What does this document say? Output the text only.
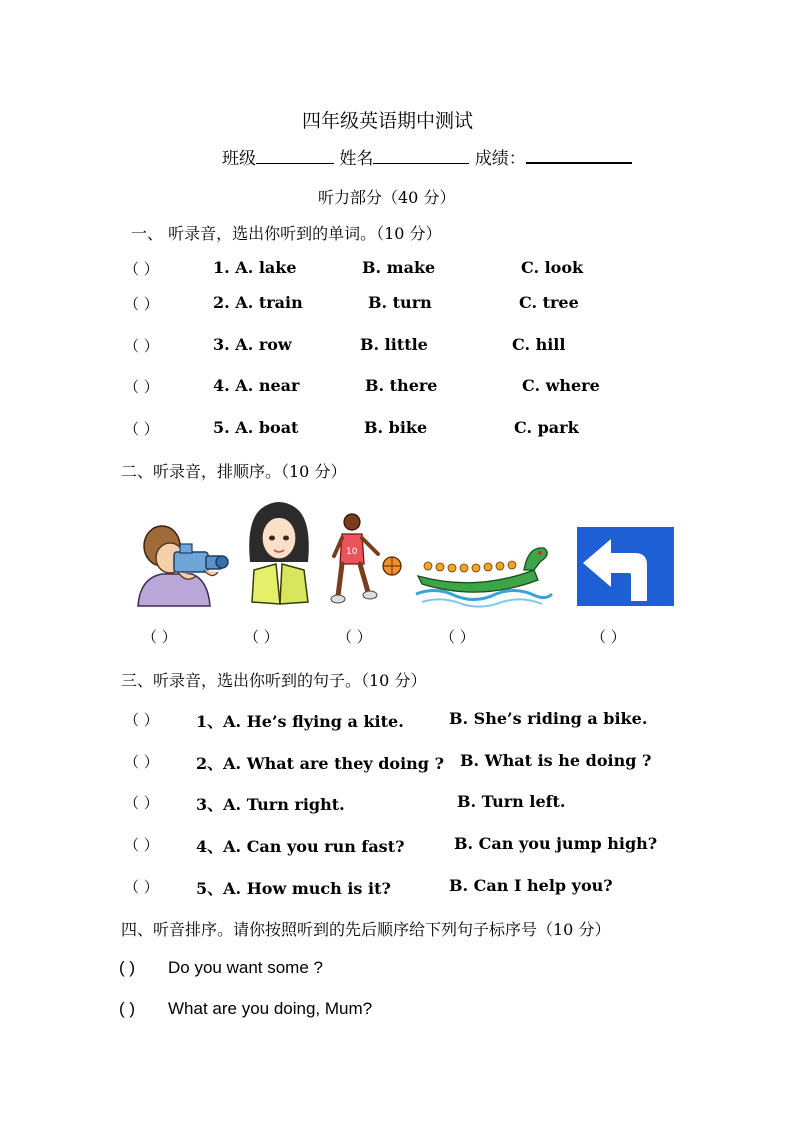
四年级英语期中测试
班级	姓名	成绩：
听力部分（40 分）
一、 听录音，选出你听到的单词。（10 分）
（ ）	1. A. lake	B. make	C. look
（ ）	2. A. train	B. turn	C. tree
（ ）	3. A. row	B. little	C. hill
（ ）	4. A. near	B. there	C. where
（ ）	5. A. boat	B. bike	C. park
二、听录音，排顺序。（10 分）
10
（ ）	（ ）	（ ）	（ ）	（ ）
三、听录音，选出你听到的句子。（10 分）
（ ） 1、A. He’s flying a kite.	B. She’s riding a bike.
（ ） 2、A. What are they doing ? B. What is he doing ?
（ ） 3、A. Turn right.	B. Turn left.
（ ） 4、A. Can you run fast?	B. Can you jump high?
（ ） 5、A. How much is it?	B. Can I help you?
四、听音排序。请你按照听到的先后顺序给下列句子标序号（10 分）
( ) Do you want some ?
( ) What are you doing, Mum?
